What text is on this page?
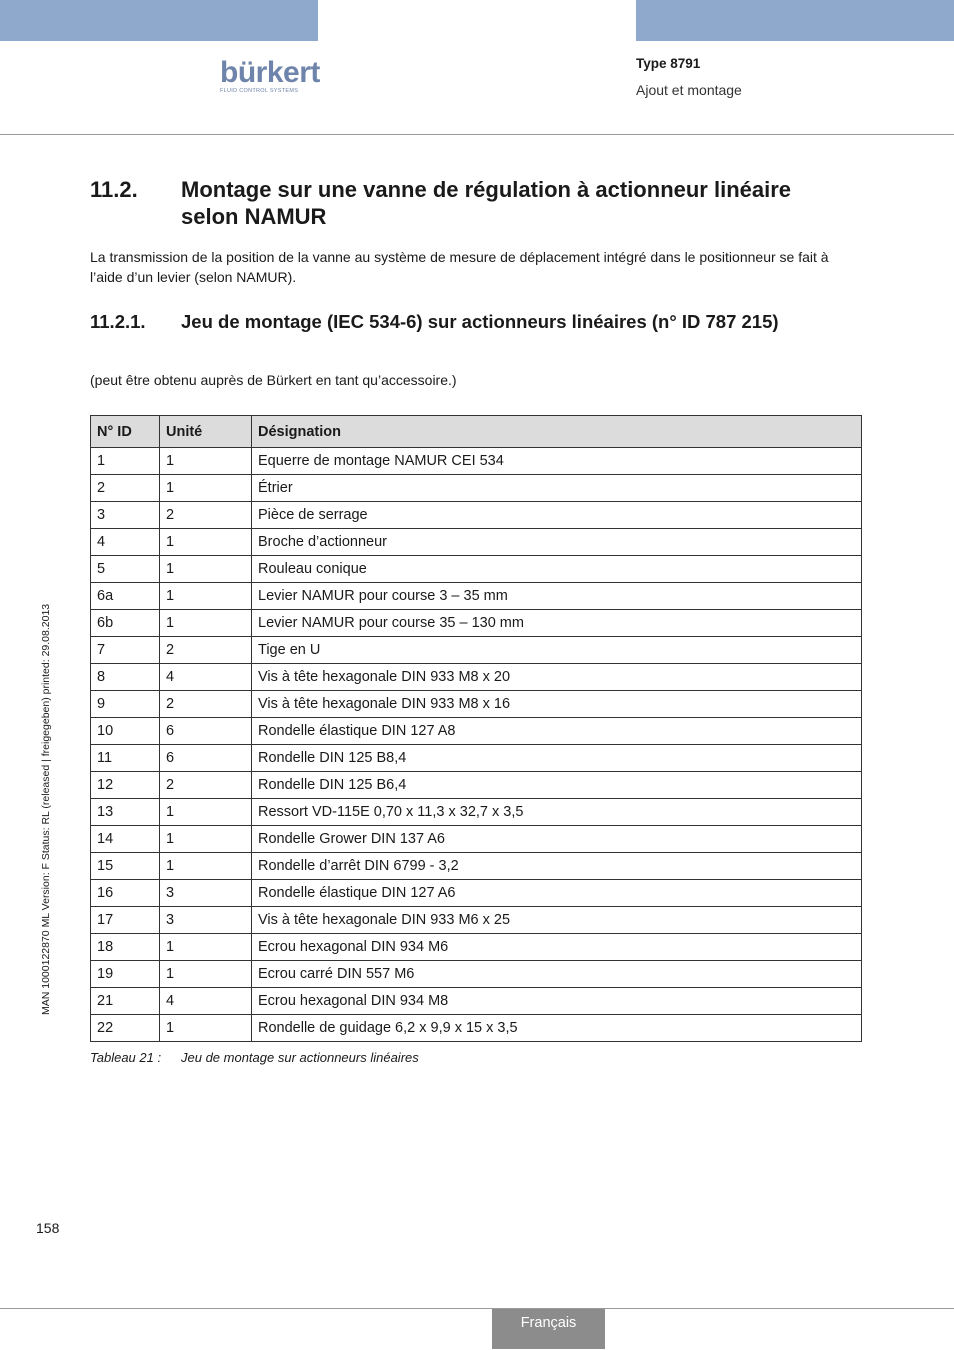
bürkert
FLUID CONTROL SYSTEMS
Type 8791
Ajout et montage
11.2. Montage sur une vanne de régulation à actionneur linéaire selon NAMUR

La transmission de la position de la vanne au système de mesure de déplacement intégré dans le positionneur se fait à l’aide d’un levier (selon NAMUR).

11.2.1. Jeu de montage (IEC 534-6) sur actionneurs linéaires (n° ID 787 215)

(peut être obtenu auprès de Bürkert en tant qu’accessoire.)

N° ID	Unité	Désignation
1	1	Equerre de montage NAMUR CEI 534
2	1	Étrier
3	2	Pièce de serrage
4	1	Broche d’actionneur
5	1	Rouleau conique
6a	1	Levier NAMUR pour course 3 – 35 mm
6b	1	Levier NAMUR pour course 35 – 130 mm
7	2	Tige en U
8	4	Vis à tête hexagonale DIN 933 M8 x 20
9	2	Vis à tête hexagonale DIN 933 M8 x 16
10	6	Rondelle élastique DIN 127 A8
11	6	Rondelle DIN 125 B8,4
12	2	Rondelle DIN 125 B6,4
13	1	Ressort VD-115E 0,70 x 11,3 x 32,7 x 3,5
14	1	Rondelle Grower DIN 137 A6
15	1	Rondelle d’arrêt DIN 6799 - 3,2
16	3	Rondelle élastique DIN 127 A6
17	3	Vis à tête hexagonale DIN 933 M6 x 25
18	1	Ecrou hexagonal DIN 934 M6
19	1	Ecrou carré DIN 557 M6
21	4	Ecrou hexagonal DIN 934 M8
22	1	Rondelle de guidage 6,2 x 9,9 x 15 x 3,5
Tableau 21 : Jeu de montage sur actionneurs linéaires
MAN 1000122870 ML Version: F Status: RL (released | freigegeben) printed: 29.08.2013
158
Français
